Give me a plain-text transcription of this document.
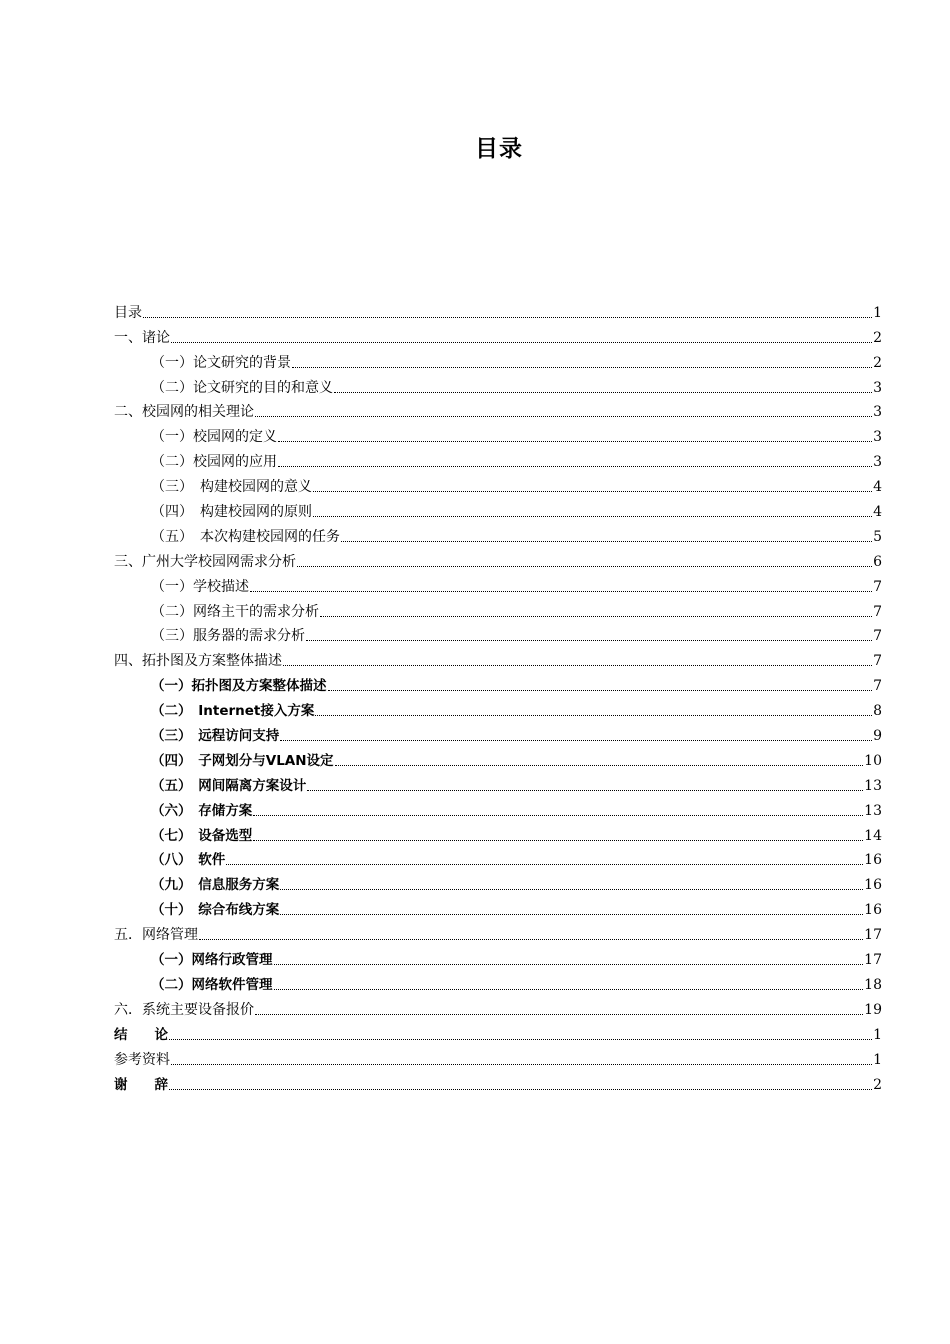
目录
目录	1
一、诸论	2
（一）论文研究的背景	2
（二）论文研究的目的和意义	3
二、校园网的相关理论	3
（一）校园网的定义	3
（二）校园网的应用	3
（三）　构建校园网的意义	4
（四）　构建校园网的原则	4
（五）　本次构建校园网的任务	5
三、广州大学校园网需求分析	6
（一）学校描述	7
（二）网络主干的需求分析	7
（三）服务器的需求分析	7
四、拓扑图及方案整体描述	7
（一）拓扑图及方案整体描述	7
（二）　Internet接入方案	8
（三）　远程访问支持	9
（四）　子网划分与VLAN设定	10
（五）　网间隔离方案设计	13
（六）　存储方案	13
（七）　设备选型	14
（八）　软件	16
（九）　信息服务方案	16
（十）　综合布线方案	16
五．网络管理	17
（一）网络行政管理	17
（二）网络软件管理	18
六．系统主要设备报价	19
结　　论	1
参考资料	1
谢　　辞	2
